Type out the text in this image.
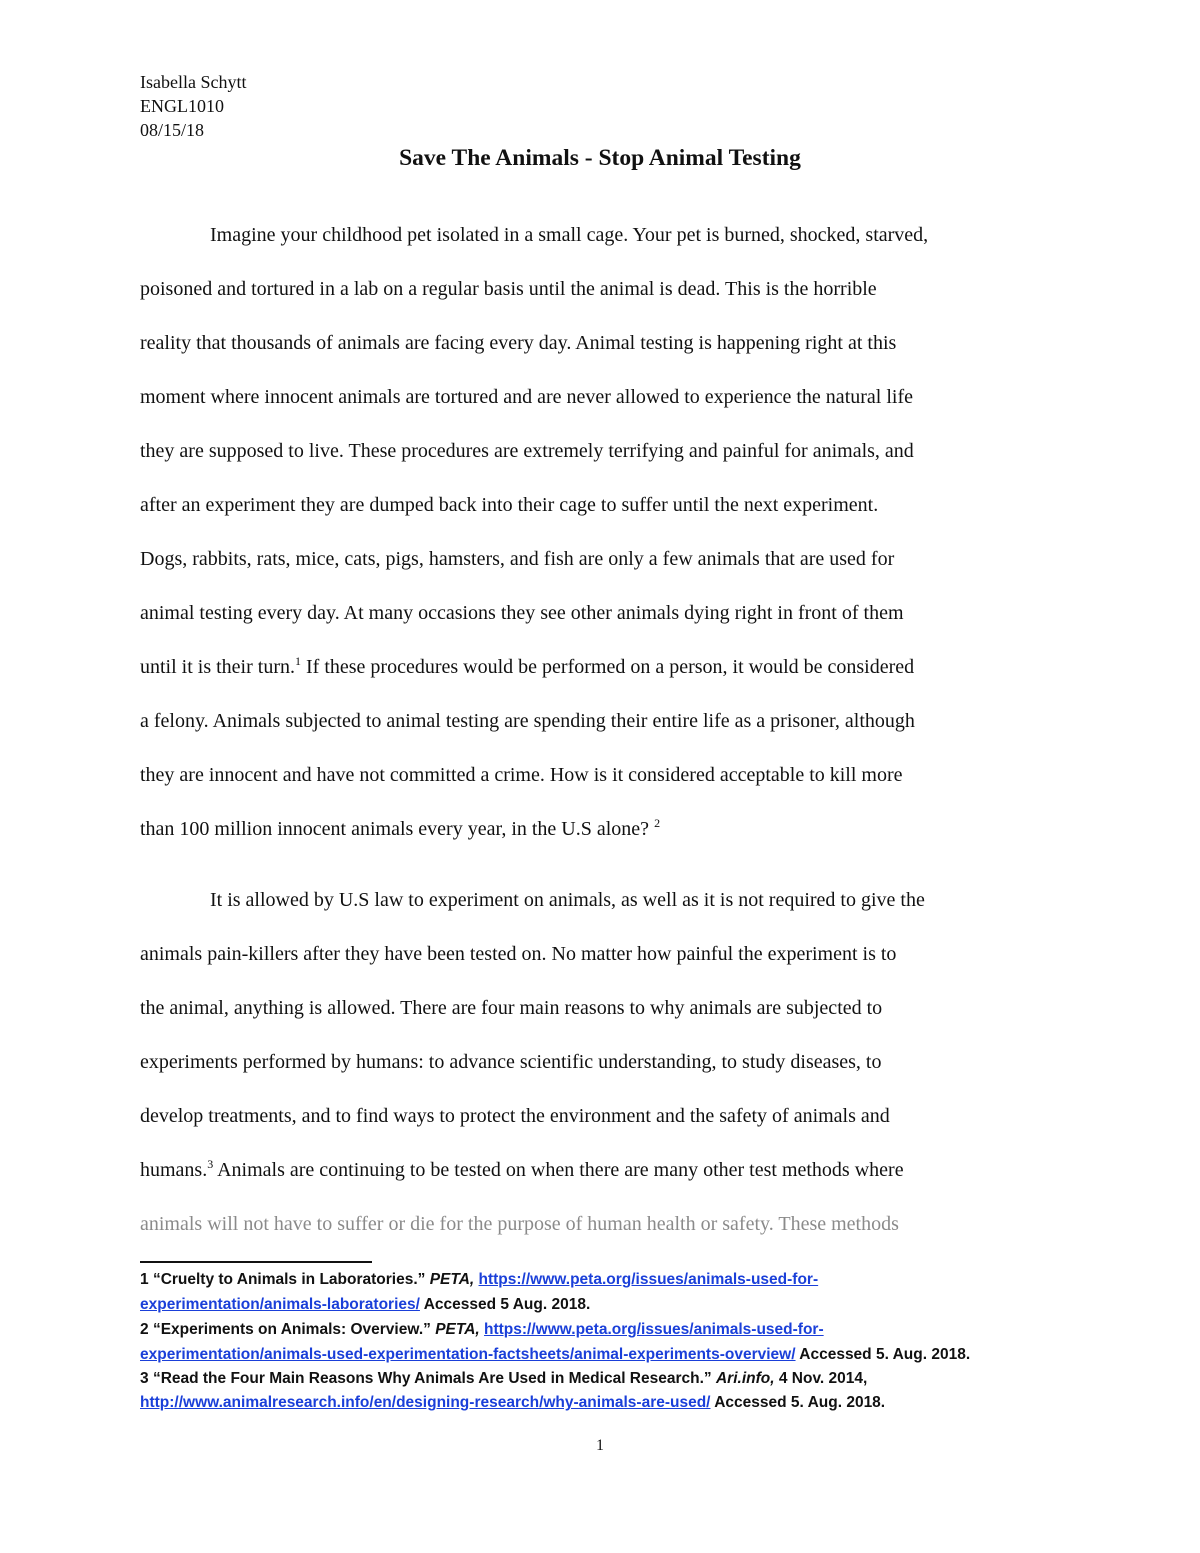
Isabella Schytt
ENGL1010
08/15/18
Save The Animals - Stop Animal Testing
Imagine your childhood pet isolated in a small cage. Your pet is burned, shocked, starved,
poisoned and tortured in a lab on a regular basis until the animal is dead. This is the horrible
reality that thousands of animals are facing every day. Animal testing is happening right at this
moment where innocent animals are tortured and are never allowed to experience the natural life
they are supposed to live. These procedures are extremely terrifying and painful for animals, and
after an experiment they are dumped back into their cage to suffer until the next experiment.
Dogs, rabbits, rats, mice, cats, pigs, hamsters, and fish are only a few animals that are used for
animal testing every day. At many occasions they see other animals dying right in front of them
until it is their turn.$^1$ If these procedures would be performed on a person, it would be considered
a felony. Animals subjected to animal testing are spending their entire life as a prisoner, although
they are innocent and have not committed a crime. How is it considered acceptable to kill more
than 100 million innocent animals every year, in the U.S alone? $^2$
It is allowed by U.S law to experiment on animals, as well as it is not required to give the
animals pain-killers after they have been tested on. No matter how painful the experiment is to
the animal, anything is allowed. There are four main reasons to why animals are subjected to
experiments performed by humans: to advance scientific understanding, to study diseases, to
develop treatments, and to find ways to protect the environment and the safety of animals and
humans.$^3$ Animals are continuing to be tested on when there are many other test methods where
animals will not have to suffer or die for the purpose of human health or safety. These methods
1 “Cruelty to Animals in Laboratories.” PETA, https://www.peta.org/issues/animals-used-for-
experimentation/animals-laboratories/ Accessed 5 Aug. 2018.
2 “Experiments on Animals: Overview.” PETA, https://www.peta.org/issues/animals-used-for-
experimentation/animals-used-experimentation-factsheets/animal-experiments-overview/ Accessed 5. Aug. 2018.
3 “Read the Four Main Reasons Why Animals Are Used in Medical Research.” Ari.info, 4 Nov. 2014,
http://www.animalresearch.info/en/designing-research/why-animals-are-used/ Accessed 5. Aug. 2018.
1
